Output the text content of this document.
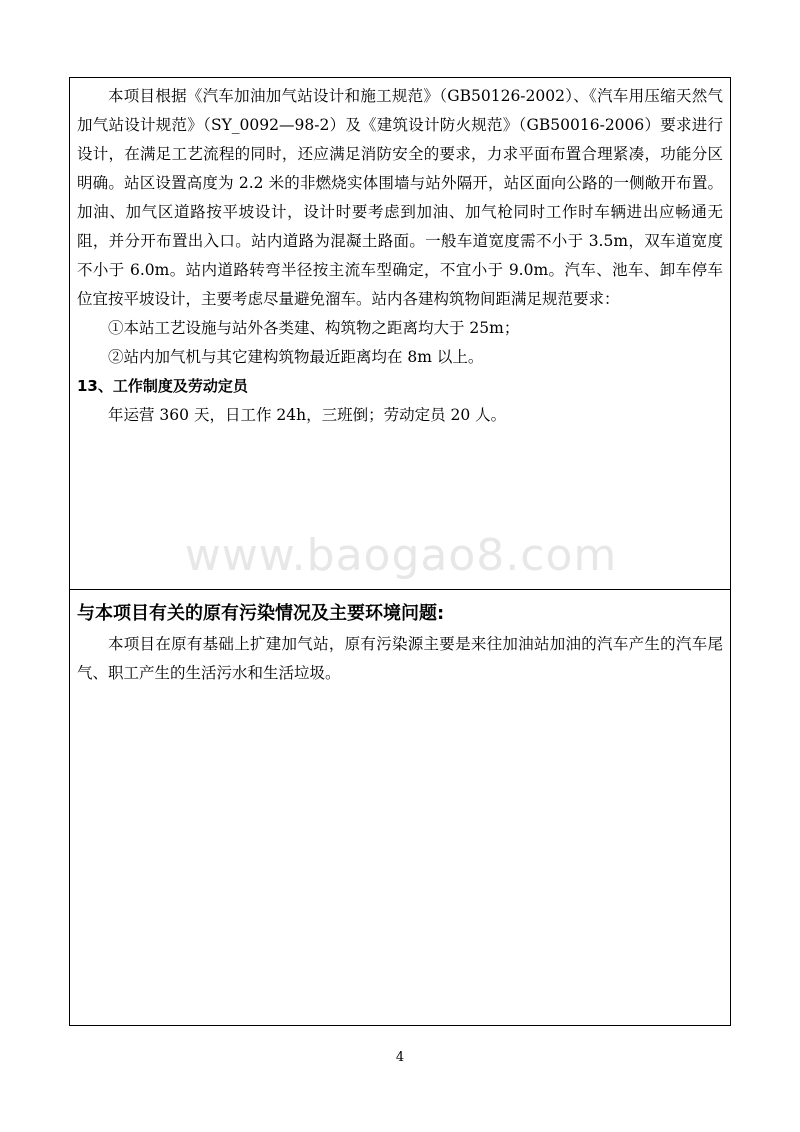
本项目根据《汽车加油加气站设计和施工规范》（GB50126-2002）、《汽车用压缩天然气加气站设计规范》（SY_0092—98-2）及《建筑设计防火规范》（GB50016-2006）要求进行设计，在满足工艺流程的同时，还应满足消防安全的要求，力求平面布置合理紧凑，功能分区明确。站区设置高度为 2.2 米的非燃烧实体围墙与站外隔开，站区面向公路的一侧敞开布置。加油、加气区道路按平坡设计，设计时要考虑到加油、加气枪同时工作时车辆进出应畅通无阻，并分开布置出入口。站内道路为混凝土路面。一般车道宽度需不小于 3.5m，双车道宽度不小于 6.0m。站内道路转弯半径按主流车型确定，不宜小于 9.0m。汽车、池车、卸车停车位宜按平坡设计，主要考虑尽量避免溜车。站内各建构筑物间距满足规范要求：

①本站工艺设施与站外各类建、构筑物之距离均大于 25m；

②站内加气机与其它建构筑物最近距离均在 8m 以上。

13、工作制度及劳动定员

年运营 360 天，日工作 24h，三班倒；劳动定员 20 人。

www.baogao8.com

与本项目有关的原有污染情况及主要环境问题:

本项目在原有基础上扩建加气站，原有污染源主要是来往加油站加油的汽车产生的汽车尾气、职工产生的生活污水和生活垃圾。

4
